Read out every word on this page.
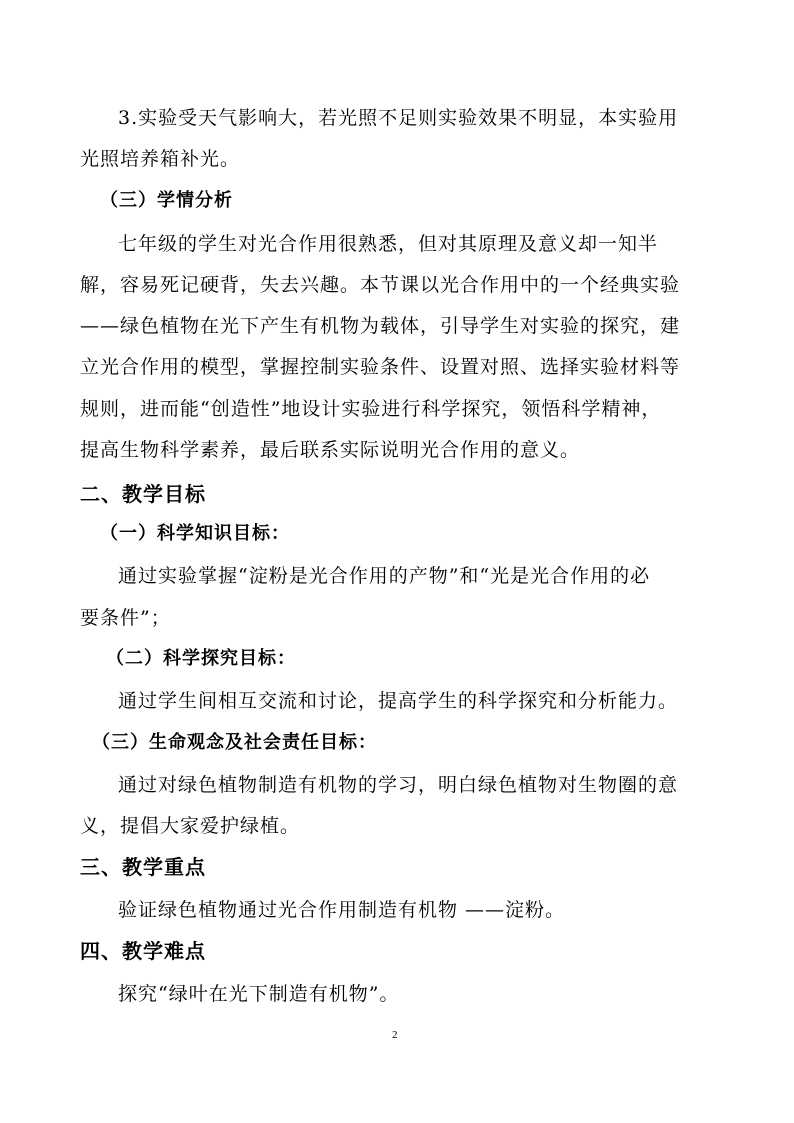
3.实验受天气影响大，若光照不足则实验效果不明显，本实验用
光照培养箱补光。
（三）学情分析
七年级的学生对光合作用很熟悉，但对其原理及意义却一知半
解，容易死记硬背，失去兴趣。本节课以光合作用中的一个经典实验
——绿色植物在光下产生有机物为载体，引导学生对实验的探究，建
立光合作用的模型，掌握控制实验条件、设置对照、选择实验材料等
规则，进而能“创造性”地设计实验进行科学探究，领悟科学精神，
提高生物科学素养，最后联系实际说明光合作用的意义。
二、教学目标
（一）科学知识目标：
通过实验掌握“淀粉是光合作用的产物”和“光是光合作用的必
要条件”；
（二）科学探究目标：
通过学生间相互交流和讨论，提高学生的科学探究和分析能力。
（三）生命观念及社会责任目标：
通过对绿色植物制造有机物的学习，明白绿色植物对生物圈的意
义，提倡大家爱护绿植。
三、教学重点
验证绿色植物通过光合作用制造有机物 ——淀粉。
四、教学难点
探究“绿叶在光下制造有机物”。
2
